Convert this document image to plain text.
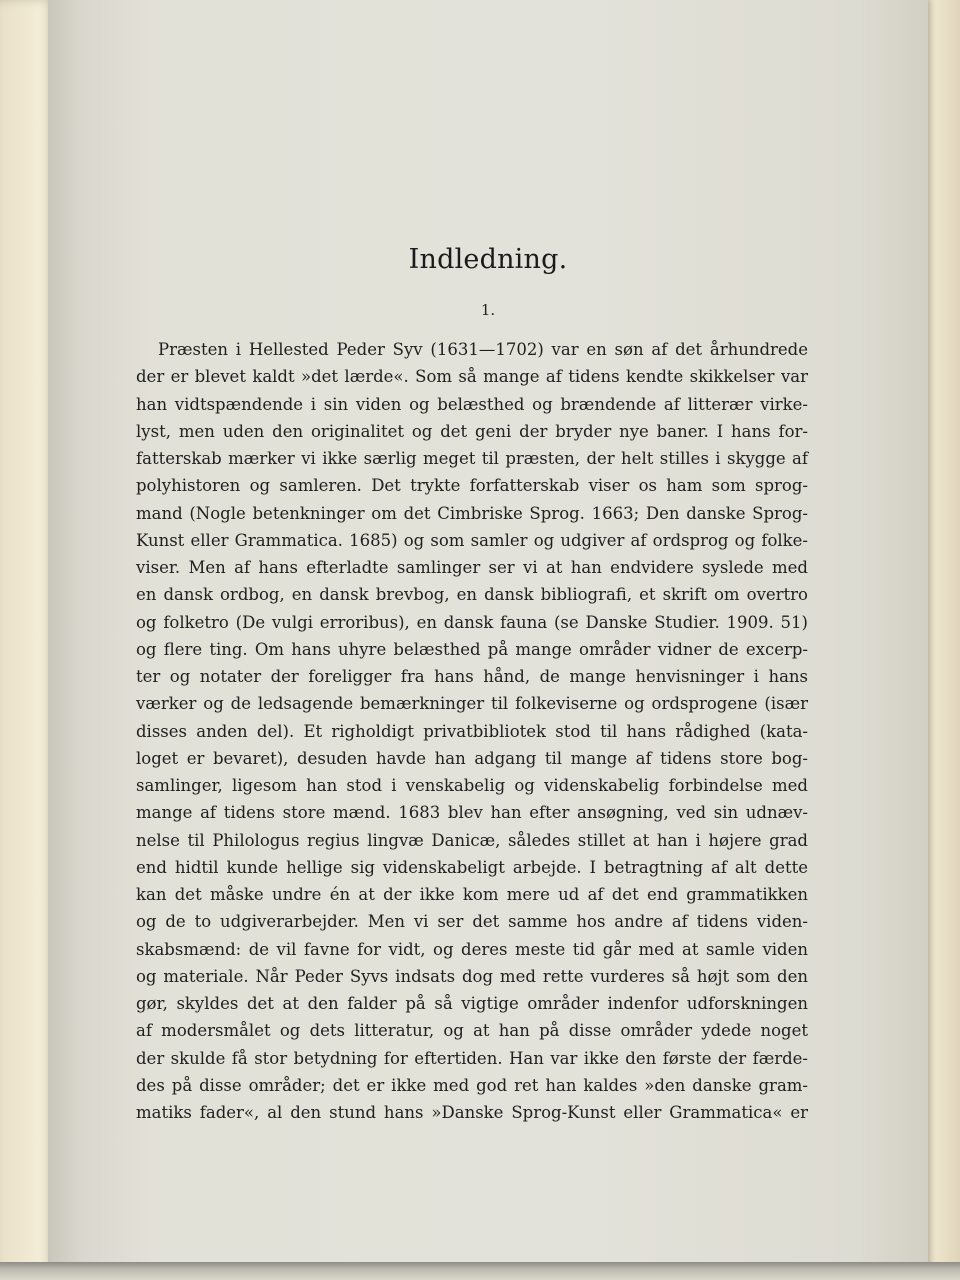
Indledning.
1.
Præsten i Hellested Peder Syv (1631—1702) var en søn af det århundrede
der er blevet kaldt »det lærde«. Som så mange af tidens kendte skikkelser var
han vidtspændende i sin viden og belæsthed og brændende af litterær virke-
lyst, men uden den originalitet og det geni der bryder nye baner. I hans for-
fatterskab mærker vi ikke særlig meget til præsten, der helt stilles i skygge af
polyhistoren og samleren. Det trykte forfatterskab viser os ham som sprog-
mand (Nogle betenkninger om det Cimbriske Sprog. 1663; Den danske Sprog-
Kunst eller Grammatica. 1685) og som samler og udgiver af ordsprog og folke-
viser. Men af hans efterladte samlinger ser vi at han endvidere syslede med
en dansk ordbog, en dansk brevbog, en dansk bibliografi, et skrift om overtro
og folketro (De vulgi erroribus), en dansk fauna (se Danske Studier. 1909. 51)
og flere ting. Om hans uhyre belæsthed på mange områder vidner de excerp-
ter og notater der foreligger fra hans hånd, de mange henvisninger i hans
værker og de ledsagende bemærkninger til folkeviserne og ordsprogene (især
disses anden del). Et righoldigt privatbibliotek stod til hans rådighed (kata-
loget er bevaret), desuden havde han adgang til mange af tidens store bog-
samlinger, ligesom han stod i venskabelig og videnskabelig forbindelse med
mange af tidens store mænd. 1683 blev han efter ansøgning, ved sin udnæv-
nelse til Philologus regius lingvæ Danicæ, således stillet at han i højere grad
end hidtil kunde hellige sig videnskabeligt arbejde. I betragtning af alt dette
kan det måske undre én at der ikke kom mere ud af det end grammatikken
og de to udgiverarbejder. Men vi ser det samme hos andre af tidens viden-
skabsmænd: de vil favne for vidt, og deres meste tid går med at samle viden
og materiale. Når Peder Syvs indsats dog med rette vurderes så højt som den
gør, skyldes det at den falder på så vigtige områder indenfor udforskningen
af modersmålet og dets litteratur, og at han på disse områder ydede noget
der skulde få stor betydning for eftertiden. Han var ikke den første der færde-
des på disse områder; det er ikke med god ret han kaldes »den danske gram-
matiks fader«, al den stund hans »Danske Sprog-Kunst eller Grammatica« er
